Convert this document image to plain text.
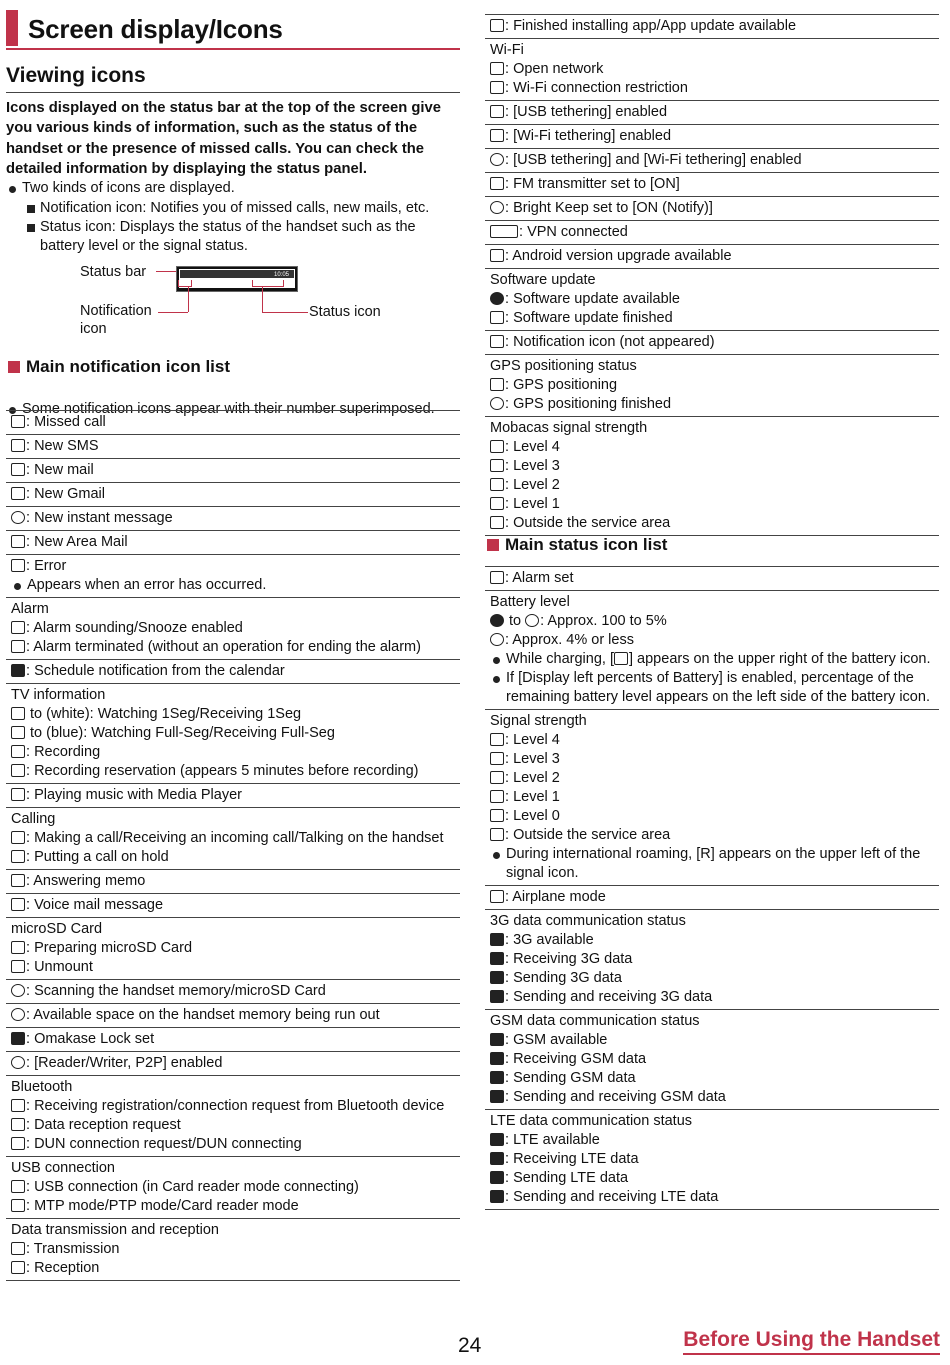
Screen display/Icons
Viewing icons
Icons displayed on the status bar at the top of the screen give you various kinds of information, such as the status of the handset or the presence of missed calls. You can check the detailed information by displaying the status panel.
Two kinds of icons are displayed.
Notification icon: Notifies you of missed calls, new mails, etc.
Status icon: Displays the status of the handset such as the battery level or the signal status.
Status bar	10:05
Notification icon
Status icon
Main notification icon list
Some notification icons appear with their number superimposed.
: Missed call
: New SMS
: New mail
: New Gmail
: New instant message
: New Area Mail
: Error
Appears when an error has occurred.
Alarm
: Alarm sounding/Snooze enabled
: Alarm terminated (without an operation for ending the alarm)
: Schedule notification from the calendar
TV information
to (white): Watching 1Seg/Receiving 1Seg
to (blue): Watching Full-Seg/Receiving Full-Seg
: Recording
: Recording reservation (appears 5 minutes before recording)
: Playing music with Media Player
Calling
: Making a call/Receiving an incoming call/Talking on the handset
: Putting a call on hold
: Answering memo
: Voice mail message
microSD Card
: Preparing microSD Card
: Unmount
: Scanning the handset memory/microSD Card
: Available space on the handset memory being run out
: Omakase Lock set
: [Reader/Writer, P2P] enabled
Bluetooth
: Receiving registration/connection request from Bluetooth device
: Data reception request
: DUN connection request/DUN connecting
USB connection
: USB connection (in Card reader mode connecting)
: MTP mode/PTP mode/Card reader mode
Data transmission and reception
: Transmission
: Reception
: Finished installing app/App update available
Wi-Fi
: Open network
: Wi-Fi connection restriction
: [USB tethering] enabled
: [Wi-Fi tethering] enabled
: [USB tethering] and [Wi-Fi tethering] enabled
: FM transmitter set to [ON]
: Bright Keep set to [ON (Notify)]
: VPN connected
: Android version upgrade available
Software update
: Software update available
: Software update finished
: Notification icon (not appeared)
GPS positioning status
: GPS positioning
: GPS positioning finished
Mobacas signal strength
: Level 4
: Level 3
: Level 2
: Level 1
: Outside the service area
Main status icon list
: Alarm set
Battery level
to : Approx. 100 to 5%
: Approx. 4% or less
While charging, [ ] appears on the upper right of the battery icon.
If [Display left percents of Battery] is enabled, percentage of the remaining battery level appears on the left side of the battery icon.
Signal strength
: Level 4
: Level 3
: Level 2
: Level 1
: Level 0
: Outside the service area
During international roaming, [R] appears on the upper left of the signal icon.
: Airplane mode
3G data communication status
: 3G available
: Receiving 3G data
: Sending 3G data
: Sending and receiving 3G data
GSM data communication status
: GSM available
: Receiving GSM data
: Sending GSM data
: Sending and receiving GSM data
LTE data communication status
: LTE available
: Receiving LTE data
: Sending LTE data
: Sending and receiving LTE data
24	Before Using the Handset
